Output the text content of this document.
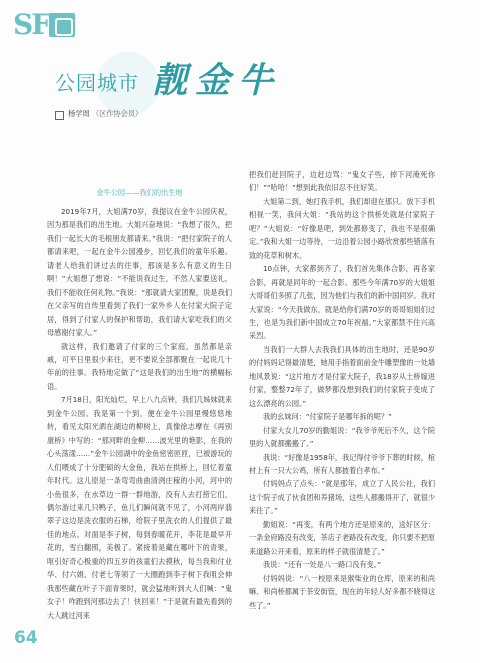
SF
公园城市 靓金牛
杨学周 （区作协会员）
金牛公园——我们的出生地

2019年7月，大姐满70岁，我提议在金牛公园庆祝，因为那是我们的出生地。大姐兴奋地说：“我想了很久，把我们一起长大的毛根朋友都请来。”我说：“把付家院子的人都请来吧，一起在金牛公园漫步，回忆我们的童年乐趣。请老人给我们讲过去的往事，那该是多么有意义的生日啊！”大姐想了想说：“不能说我过生，不然人家要送礼，我们不能收任何礼物。”我说：“那就请大家团聚，说是我们在父亲写的自传里看到了我们一家外乡人在付家大院子定居，得到了付家人的保护和帮助，我们请大家吃我们的父母感谢付家人。”

就这样，我们邀请了付家的三个家庭，虽然都是亲戚，可平日里很少来往，更不要说全部都聚在一起说几十年前的往事。我特地定做了“这是我们的出生地”的横幅标语。

7月18日，阳光灿烂，早上八九点钟，我们几姊妹就来到金牛公园。我是第一个到，便在金牛公园里慢悠悠地转，看见太阳光洒在湖边的柳树上，真像徐志摩在《再别康桥》中写的：“那河畔的金柳……波光里的艳影，在我的心头荡漾……”金牛公园湖中的金鱼密密匝匝，已被游玩的人们喂成了十分肥硕的大金鱼，我站在拱桥上，回忆着童年时代。这儿原是一条弯弯曲曲清洌庄稼的小河，河中的小鱼很多，在水草边一群一群地游，没有人去打捞它们，偶尔游过来几只鸭子，鱼儿们瞬间就不见了，小河两岸翡翠子这边是洗衣服的石梯，给院子里洗衣的人们提供了最佳的地点。对面是李子树，每到春暖花开，李花是最早开花的，雪白翻照，美极了。紧接着是藏在哪叶下的青果，呕引好奇心极重的四五岁的孩童们去摸秋，每当我和付业华、付六娟、付老七等领了一大圈跑到李子树下我咀会伸我那些藏在叶子下面青果时，就会猛地听到大人们喊：“鬼女子！咋跑到河那边去了！快回来！”于是就有最先看到的大人跳过河来

把我们赶回院子，边赶边骂：“鬼女子些，掉下河淹死你们！”“哈哈！”想到此我依旧忍不住好笑。

大姐第二到，她打我手机，我们却迎在那只。放下手机相视一笑，我问大姐：“我站的这个拱桥处就是付家院子吧？”大姐说：“好像是吧，到处都修变了，我也不是很确定。”我和大姐一边等待，一边沿着公园小路欣赏那些错落有致的花草和树木。

10点钟，大家都到齐了，我们首先集体合影，再各家合影，再就是同年的一起合影。那些今年满70岁的大姐姐大哥哥们多照了几张，因为他们与我们的新中国同岁。我对大家说：“今天我做东，就是给你们满70岁的哥哥姐姐们过生，也是为我们新中国成立70年祝福。”大家都禁不住兴高采烈。

当我们一大群人去我我们具体的出生地时，还是90岁的付妈妈记得最清楚，她用手指着面前金牛雕塑像的一处墙地风景说：“这片地方才是付家大院子，我18岁从土桥嫁进付家，整整72年了，做梦都没想到我们的付家院子变成了这么漂亮的公园。”

我的幺妹问：“付家院子是哪年拆的呢？”

付家大女儿70岁的勤姐说：“我爷爷死后不久，这个院里的人就都搬搬了。”

我说：“好像是1958年，我记得付爷爷下葬的时候，棺材上有一只大公鸡，所有人都披着白孝布。”

付妈妈点了点头：“就是那年，成立了人民公社，我们这个院子成了伙食团和养猪场，这些人都搬得开了，就很少来往了。”

勤姐说：“再变，有两个地方还是原来的，送好区分：一条金府路没有改变，茶店子老路没有改变，你只要不把原来道路公开来看，原来的样子就很清楚了。”

我说：“还有一处是八一路口没有变。”

付妈妈说：“八一校原来是猴柴业的仓库，原来的和尚嘛、和尚桥都属于茶安街管，现在的年轻人好多都不晓得这些了。”

64
